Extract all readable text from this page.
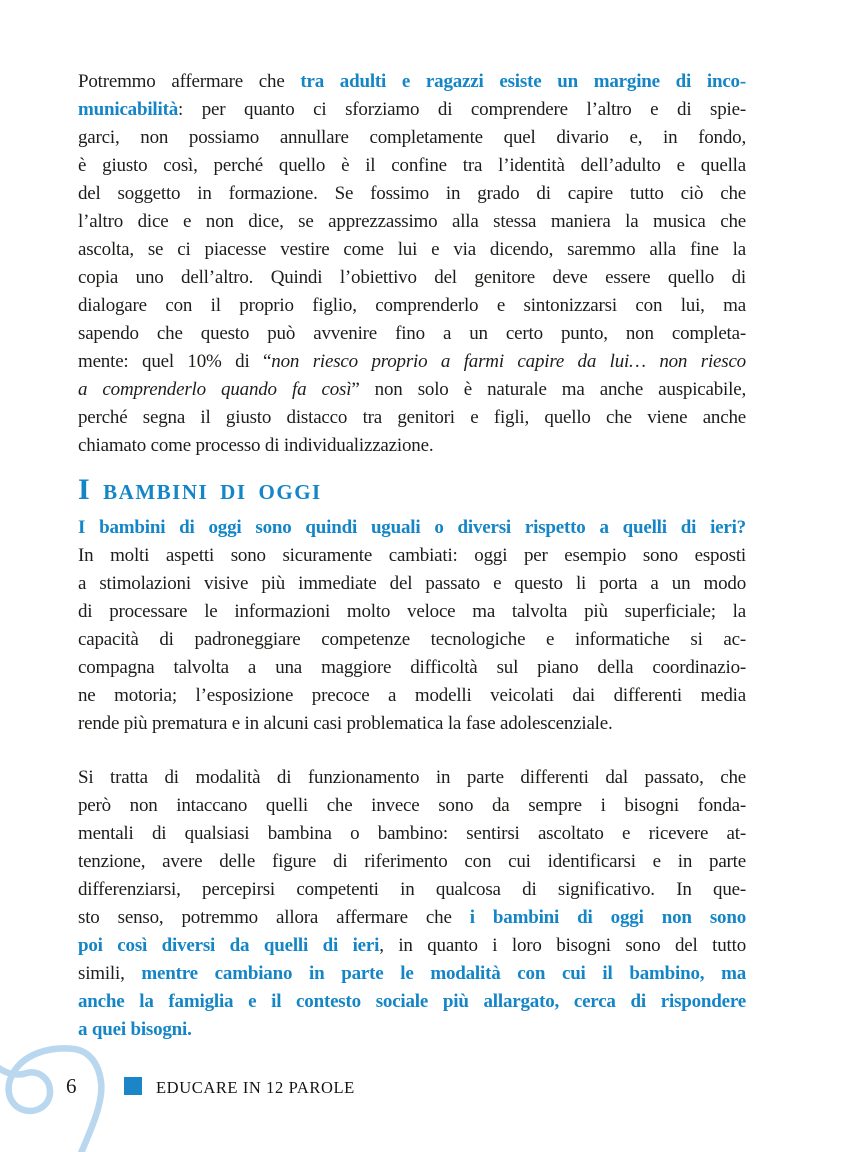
Potremmo affermare che tra adulti e ragazzi esiste un margine di inco-
municabilità: per quanto ci sforziamo di comprendere l’altro e di spie-
garci, non possiamo annullare completamente quel divario e, in fondo,
è giusto così, perché quello è il confine tra l’identità dell’adulto e quella
del soggetto in formazione. Se fossimo in grado di capire tutto ciò che
l’altro dice e non dice, se apprezzassimo alla stessa maniera la musica che
ascolta, se ci piacesse vestire come lui e via dicendo, saremmo alla fine la
copia uno dell’altro. Quindi l’obiettivo del genitore deve essere quello di
dialogare con il proprio figlio, comprenderlo e sintonizzarsi con lui, ma
sapendo che questo può avvenire fino a un certo punto, non completa-
mente: quel 10% di “non riesco proprio a farmi capire da lui… non riesco
a comprenderlo quando fa così” non solo è naturale ma anche auspicabile,
perché segna il giusto distacco tra genitori e figli, quello che viene anche
chiamato come processo di individualizzazione.
I bambini di oggi
I bambini di oggi sono quindi uguali o diversi rispetto a quelli di ieri?
In molti aspetti sono sicuramente cambiati: oggi per esempio sono esposti
a stimolazioni visive più immediate del passato e questo li porta a un modo
di processare le informazioni molto veloce ma talvolta più superficiale; la
capacità di padroneggiare competenze tecnologiche e informatiche si ac-
compagna talvolta a una maggiore difficoltà sul piano della coordinazio-
ne motoria; l’esposizione precoce a modelli veicolati dai differenti media
rende più prematura e in alcuni casi problematica la fase adolescenziale.
Si tratta di modalità di funzionamento in parte differenti dal passato, che
però non intaccano quelli che invece sono da sempre i bisogni fonda-
mentali di qualsiasi bambina o bambino: sentirsi ascoltato e ricevere at-
tenzione, avere delle figure di riferimento con cui identificarsi e in parte
differenziarsi, percepirsi competenti in qualcosa di significativo. In que-
sto senso, potremmo allora affermare che i bambini di oggi non sono
poi così diversi da quelli di ieri, in quanto i loro bisogni sono del tutto
simili, mentre cambiano in parte le modalità con cui il bambino, ma
anche la famiglia e il contesto sociale più allargato, cerca di rispondere
a quei bisogni.
6	EDUCARE IN 12 PAROLE
